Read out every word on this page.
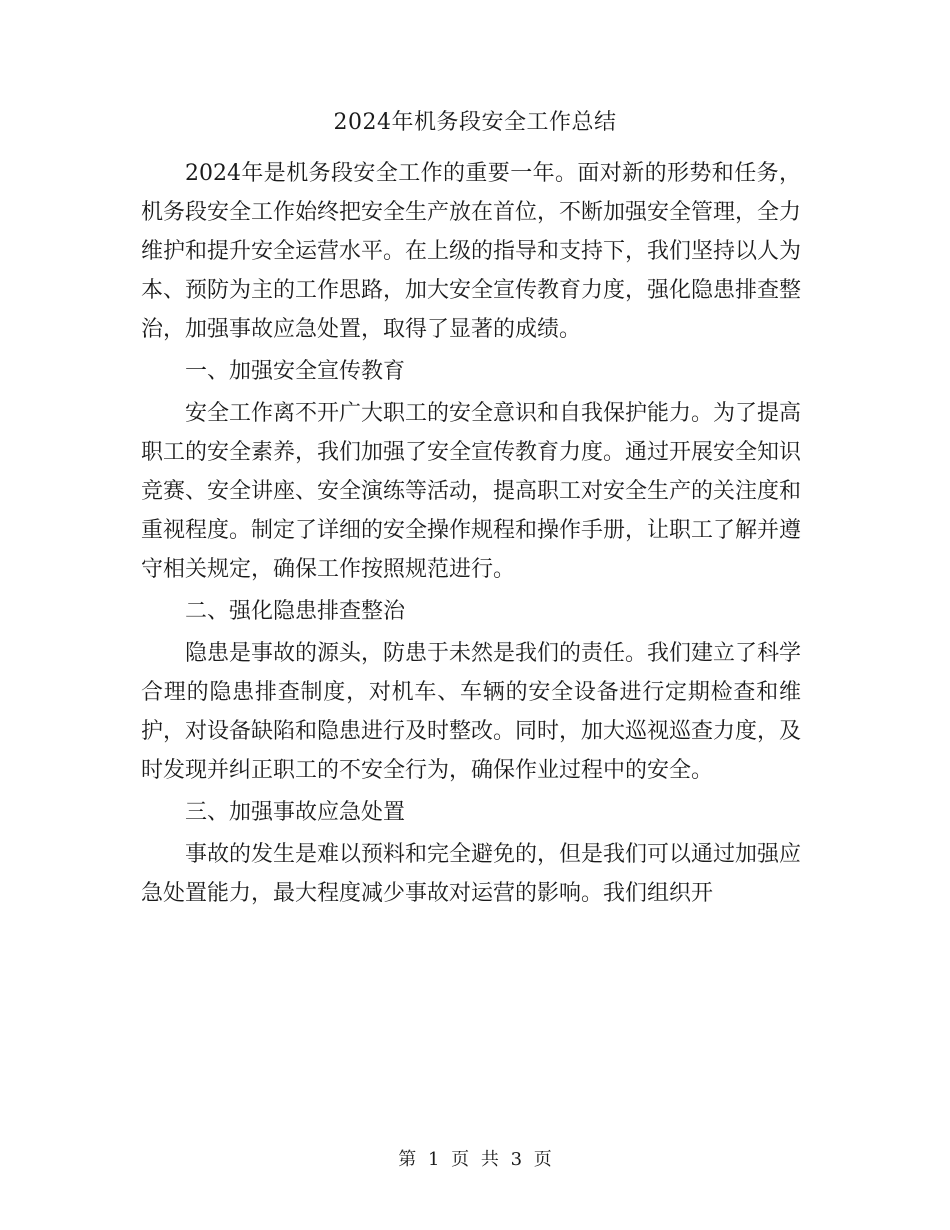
2024年机务段安全工作总结

2024年是机务段安全工作的重要一年。面对新的形势和任务，机务段安全工作始终把安全生产放在首位，不断加强安全管理，全力维护和提升安全运营水平。在上级的指导和支持下，我们坚持以人为本、预防为主的工作思路，加大安全宣传教育力度，强化隐患排查整治，加强事故应急处置，取得了显著的成绩。

一、加强安全宣传教育

安全工作离不开广大职工的安全意识和自我保护能力。为了提高职工的安全素养，我们加强了安全宣传教育力度。通过开展安全知识竞赛、安全讲座、安全演练等活动，提高职工对安全生产的关注度和重视程度。制定了详细的安全操作规程和操作手册，让职工了解并遵守相关规定，确保工作按照规范进行。

二、强化隐患排查整治

隐患是事故的源头，防患于未然是我们的责任。我们建立了科学合理的隐患排查制度，对机车、车辆的安全设备进行定期检查和维护，对设备缺陷和隐患进行及时整改。同时，加大巡视巡查力度，及时发现并纠正职工的不安全行为，确保作业过程中的安全。

三、加强事故应急处置

事故的发生是难以预料和完全避免的，但是我们可以通过加强应急处置能力，最大程度减少事故对运营的影响。我们组织开

第 1 页 共 3 页
